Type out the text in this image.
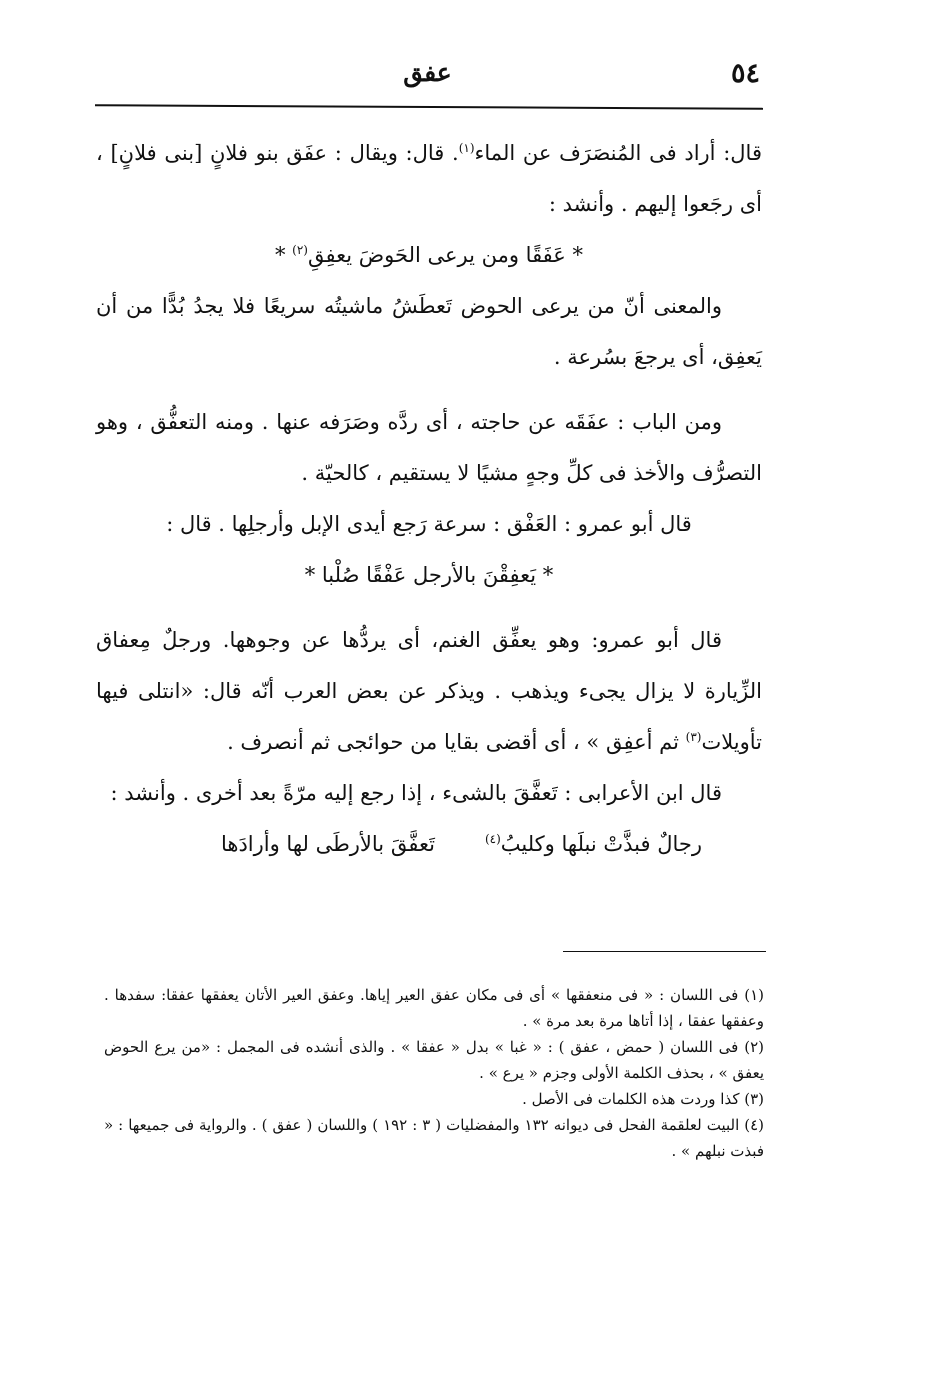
٥٤
عفق

قال: أراد فى المُنصَرَف عن الماء$^{(١)}$. قال: ويقال : عفَق بنو فلانٍ [بنى فلانٍ] ، أى رجَعوا إليهم . وأنشد :

* عَفَقًا ومن يرعى الحَوضَ يعفِقِ$^{(٢)}$ *

والمعنى أنّ من يرعى الحوض تَعطَشُ ماشيتُه سريعًا فلا يجدُ بُدًّا من أن يَعفِق، أى يرجعَ بسُرعة .

ومن الباب : عفَقَه عن حاجته ، أى ردَّه وصَرَفه عنها . ومنه التعفُّق ، وهو التصرُّف والأخذ فى كلِّ وجهٍ مشيًا لا يستقيم ، كالحيّة .

قال أبو عمرو : العَفْق : سرعة رَجع أيدى الإبل وأرجلِها . قال :

* يَعفِقْنَ بالأرجل عَفْقًا صُلْبا *

قال أبو عمرو: وهو يعفِّق الغنم، أى يردُّها عن وجوهها. ورجلٌ مِعفاق الزِّيارة لا يزال يجىء ويذهب . ويذكر عن بعض العرب أنّه قال: «انتلى فيها تأويلات$^{(٣)}$ ثم أعفِق » ، أى أقضى بقايا من حوائجى ثم أنصرف .

قال ابن الأعرابى : تَعفَّقَ بالشىء ، إذا رجع إليه مرّةً بعد أخرى . وأنشد :

رجالٌ فبذَّتْ نبلَها وكليبُ$^{(٤)}$
تَعفَّقَ بالأرطَى لها وأرادَها

(١) فى اللسان : « فى منعفقها » أى فى مكان عفق العير إياها. وعفق العير الأتان يعفقها عفقا: سفدها . وعفقها عفقا ، إذا أتاها مرة بعد مرة » .

(٢) فى اللسان ( حمض ، عفق ) : « غبا » بدل « عفقا » . والذى أنشده فى المجمل : «من يرع الحوض يعفق » ، بحذف الكلمة الأولى وجزم « يرع » .

(٣) كذا وردت هذه الكلمات فى الأصل .

(٤) البيت لعلقمة الفحل فى ديوانه ١٣٢ والمفضليات ( ٣ : ١٩٢ ) واللسان ( عفق ) . والرواية فى جميعها : « فبذت نبلهم » .
